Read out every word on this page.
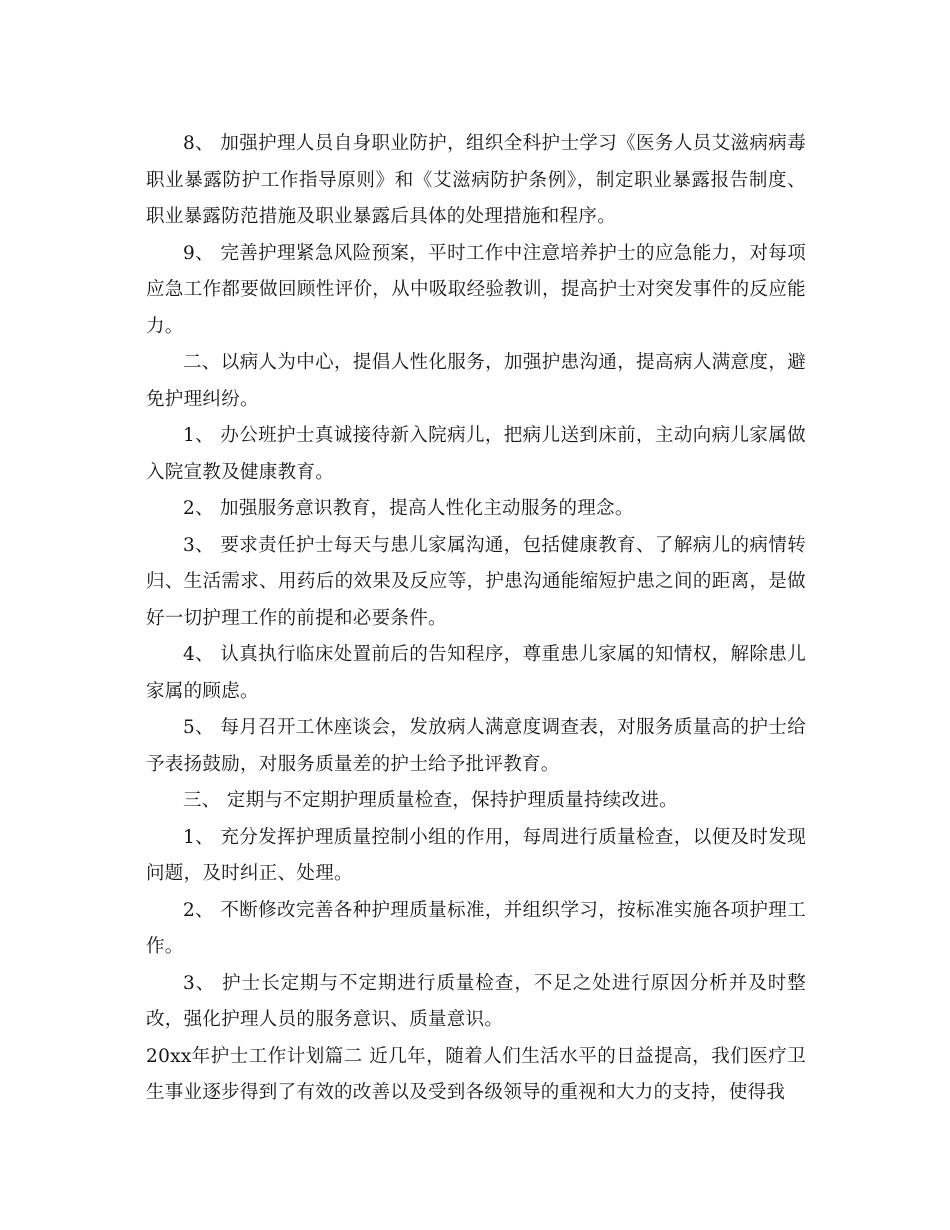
8、 加强护理人员自身职业防护，组织全科护士学习《医务人员艾滋病病毒职业暴露防护工作指导原则》和《艾滋病防护条例》，制定职业暴露报告制度、职业暴露防范措施及职业暴露后具体的处理措施和程序。

9、 完善护理紧急风险预案，平时工作中注意培养护士的应急能力，对每项应急工作都要做回顾性评价，从中吸取经验教训，提高护士对突发事件的反应能力。

二、以病人为中心，提倡人性化服务，加强护患沟通，提高病人满意度，避免护理纠纷。

1、 办公班护士真诚接待新入院病儿，把病儿送到床前，主动向病儿家属做入院宣教及健康教育。

2、 加强服务意识教育，提高人性化主动服务的理念。

3、 要求责任护士每天与患儿家属沟通，包括健康教育、了解病儿的病情转归、生活需求、用药后的效果及反应等，护患沟通能缩短护患之间的距离，是做好一切护理工作的前提和必要条件。

4、 认真执行临床处置前后的告知程序，尊重患儿家属的知情权，解除患儿家属的顾虑。

5、 每月召开工休座谈会，发放病人满意度调查表，对服务质量高的护士给予表扬鼓励，对服务质量差的护士给予批评教育。

三、 定期与不定期护理质量检查，保持护理质量持续改进。

1、 充分发挥护理质量控制小组的作用，每周进行质量检查，以便及时发现问题，及时纠正、处理。

2、 不断修改完善各种护理质量标准，并组织学习，按标准实施各项护理工作。

3、 护士长定期与不定期进行质量检查，不足之处进行原因分析并及时整改，强化护理人员的服务意识、质量意识。

20xx年护士工作计划篇二 近几年，随着人们生活水平的日益提高，我们医疗卫生事业逐步得到了有效的改善以及受到各级领导的重视和大力的支持，使得我
